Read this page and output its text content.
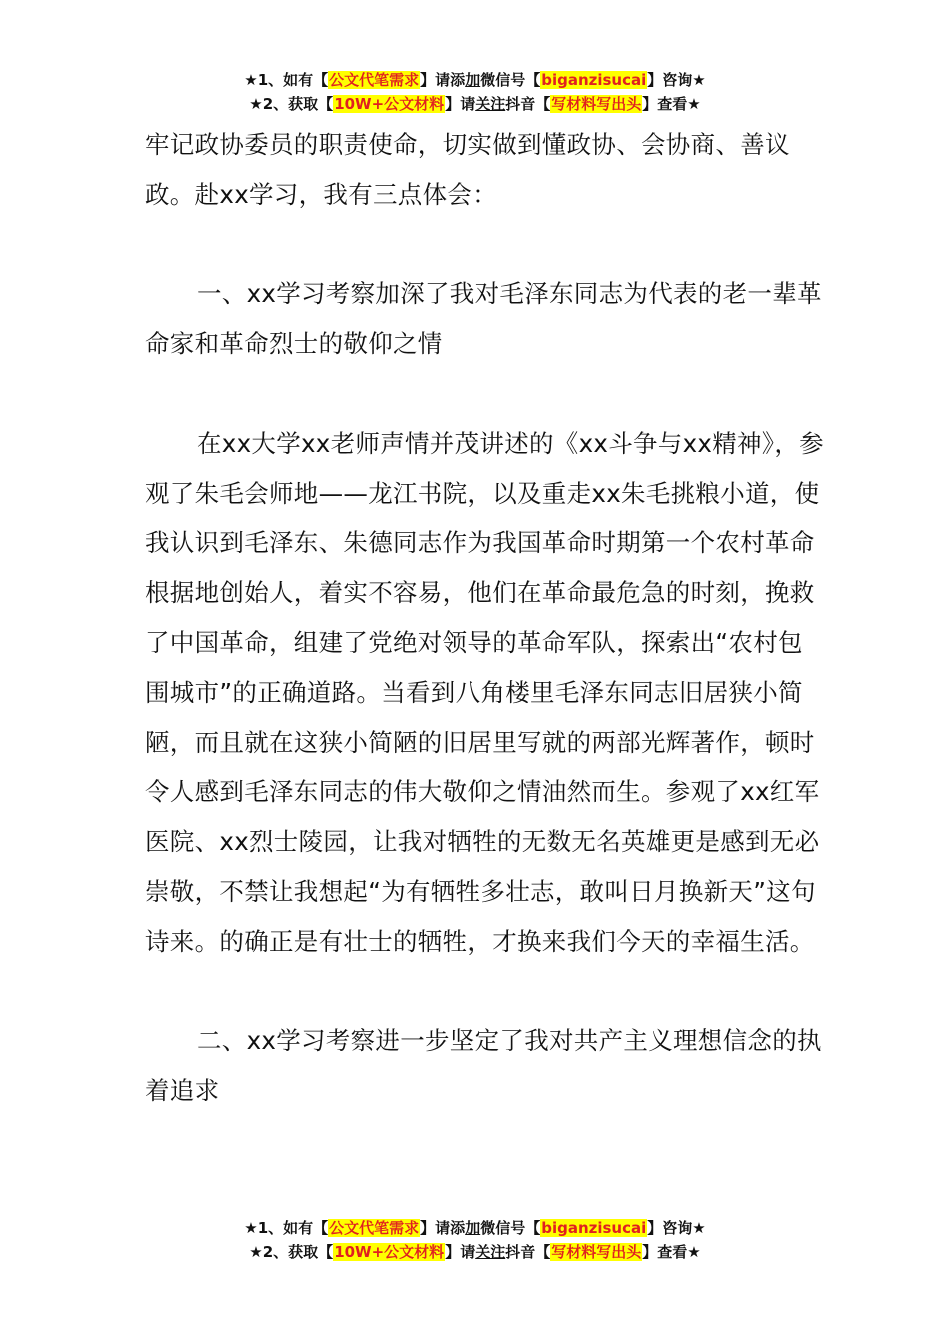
★1、如有【公文代笔需求】请添加微信号【biganzisucai】咨询★
★2、获取【10W+公文材料】请关注抖音【写材料写出头】查看★

牢记政协委员的职责使命，切实做到懂政协、会协商、善议政。赴xx学习，我有三点体会：

一、xx学习考察加深了我对毛泽东同志为代表的老一辈革命家和革命烈士的敬仰之情

在xx大学xx老师声情并茂讲述的《xx斗争与xx精神》，参观了朱毛会师地——龙江书院，以及重走xx朱毛挑粮小道，使我认识到毛泽东、朱德同志作为我国革命时期第一个农村革命根据地创始人，着实不容易，他们在革命最危急的时刻，挽救了中国革命，组建了党绝对领导的革命军队，探索出“农村包围城市”的正确道路。当看到八角楼里毛泽东同志旧居狭小简陋，而且就在这狭小简陋的旧居里写就的两部光辉著作，顿时令人感到毛泽东同志的伟大敬仰之情油然而生。参观了xx红军医院、xx烈士陵园，让我对牺牲的无数无名英雄更是感到无必崇敬，不禁让我想起“为有牺牲多壮志，敢叫日月换新天”这句诗来。的确正是有壮士的牺牲，才换来我们今天的幸福生活。

二、xx学习考察进一步坚定了我对共产主义理想信念的执着追求

★1、如有【公文代笔需求】请添加微信号【biganzisucai】咨询★
★2、获取【10W+公文材料】请关注抖音【写材料写出头】查看★
